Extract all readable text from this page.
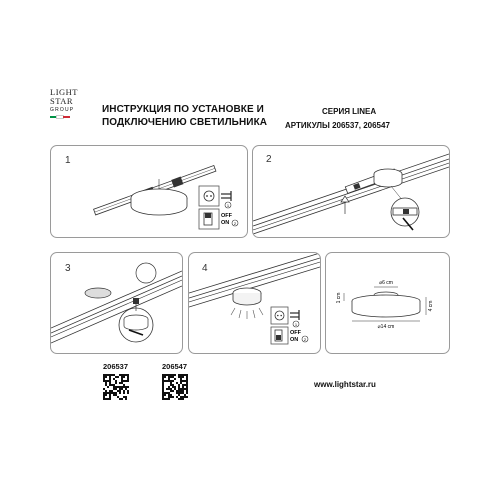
LIGHT
STAR
GROUP	ИНСТРУКЦИЯ ПО УСТАНОВКЕ И
ПОДКЛЮЧЕНИЮ СВЕТИЛЬНИКА
СЕРИЯ LINEA
АРТИКУЛЫ 206537, 206547
1
1
OFF
ON 2
2
3	4
1
OFF
ON 2
⌀6 cm
1 cm
4 cm
⌀14 cm
206537	206547
www.lightstar.ru
